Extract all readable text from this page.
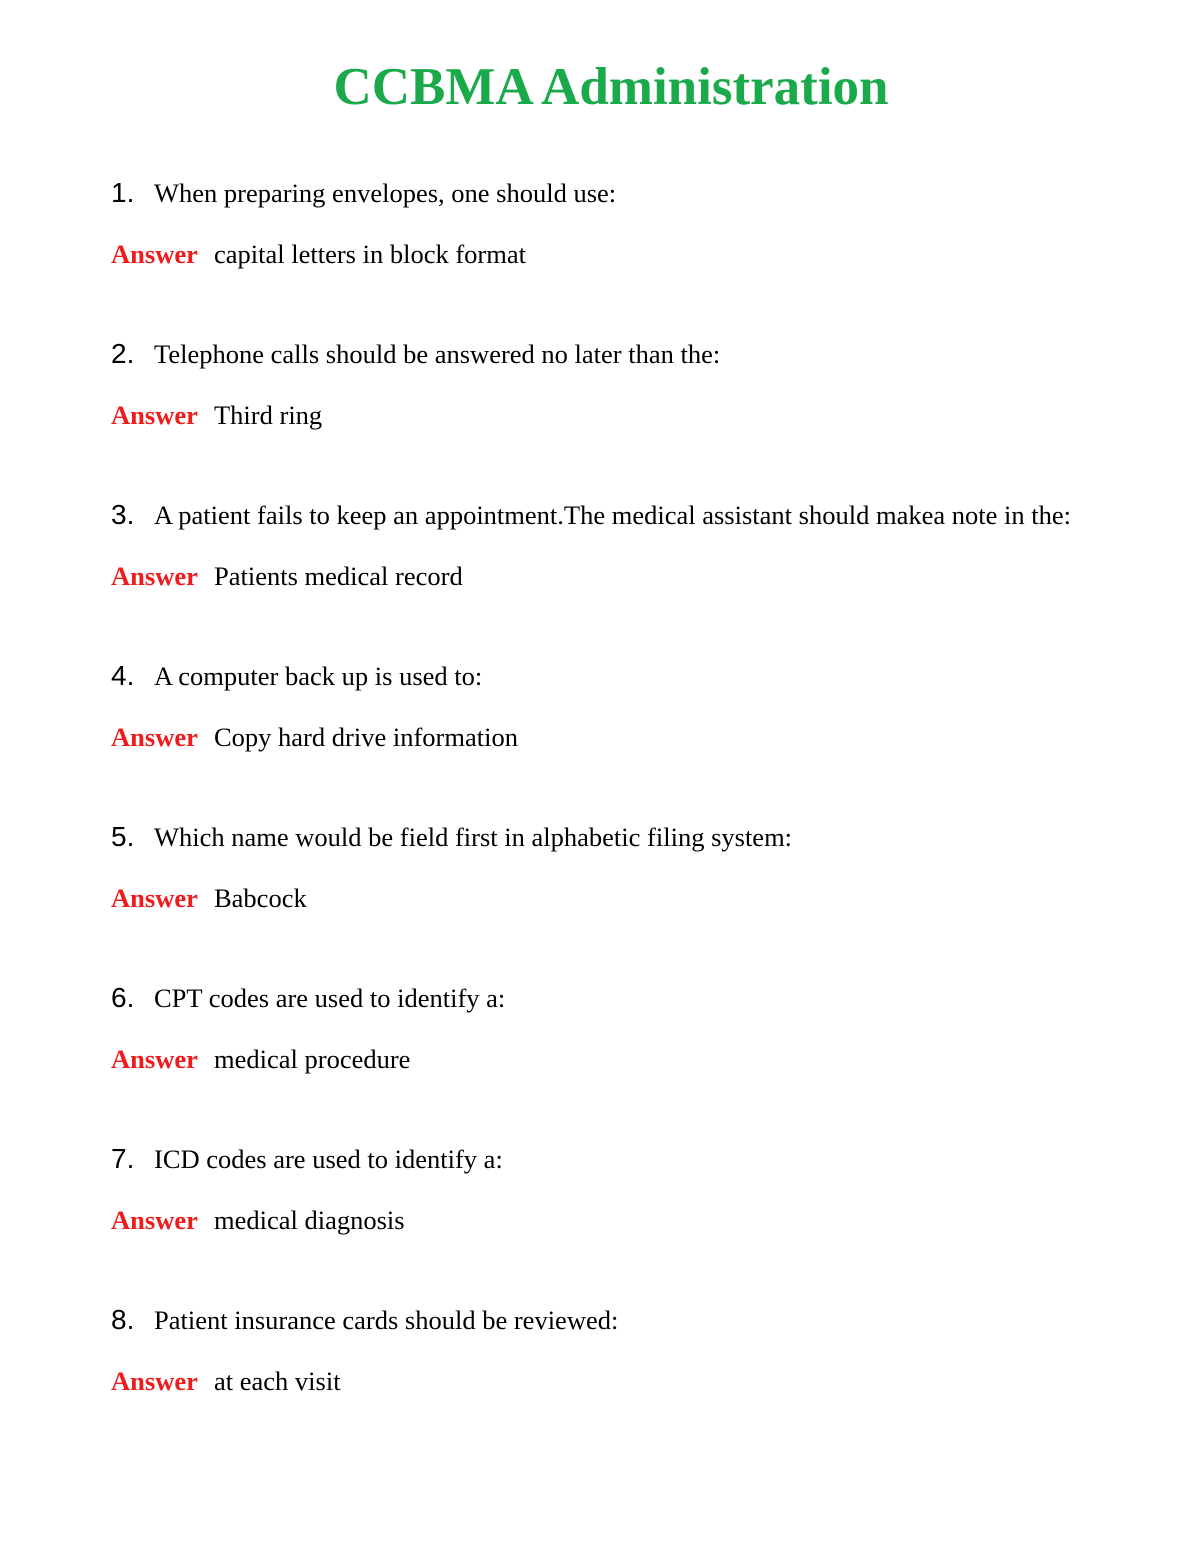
CCBMA Administration
1. When preparing envelopes, one should use:
Answer capital letters in block format
2. Telephone calls should be answered no later than the:
Answer Third ring
3. A patient fails to keep an appointment.The medical assistant should makea note in the:
Answer Patients medical record
4. A computer back up is used to:
Answer Copy hard drive information
5. Which name would be field first in alphabetic filing system:
Answer Babcock
6. CPT codes are used to identify a:
Answer medical procedure
7. ICD codes are used to identify a:
Answer medical diagnosis
8. Patient insurance cards should be reviewed:
Answer at each visit
